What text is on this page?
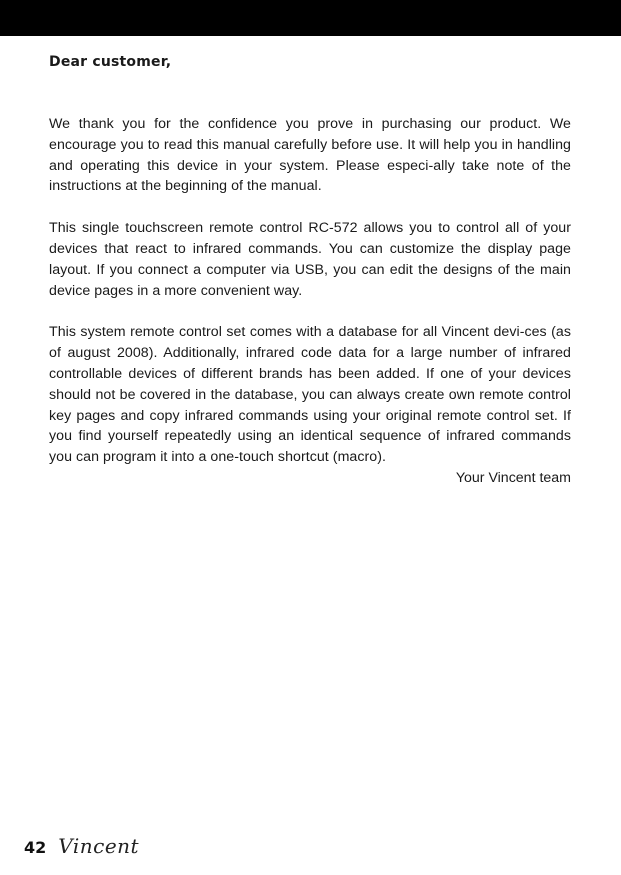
Dear customer,

We thank you for the confidence you prove in purchasing our product. We encourage you to read this manual carefully before use. It will help you in handling and operating this device in your system. Please especi-ally take note of the instructions at the beginning of the manual.

This single touchscreen remote control RC-572 allows you to control all of your devices that react to infrared commands. You can customize the display page layout. If you connect a computer via USB, you can edit the designs of the main device pages in a more convenient way.

This system remote control set comes with a database for all Vincent devi-ces (as of august 2008). Additionally, infrared code data for a large number of infrared controllable devices of different brands has been added. If one of your devices should not be covered in the database, you can always create own remote control key pages and copy infrared commands using your original remote control set. If you find yourself repeatedly using an identical sequence of infrared commands you can program it into a one-touch shortcut (macro).

Your Vincent team
42 Vincent
